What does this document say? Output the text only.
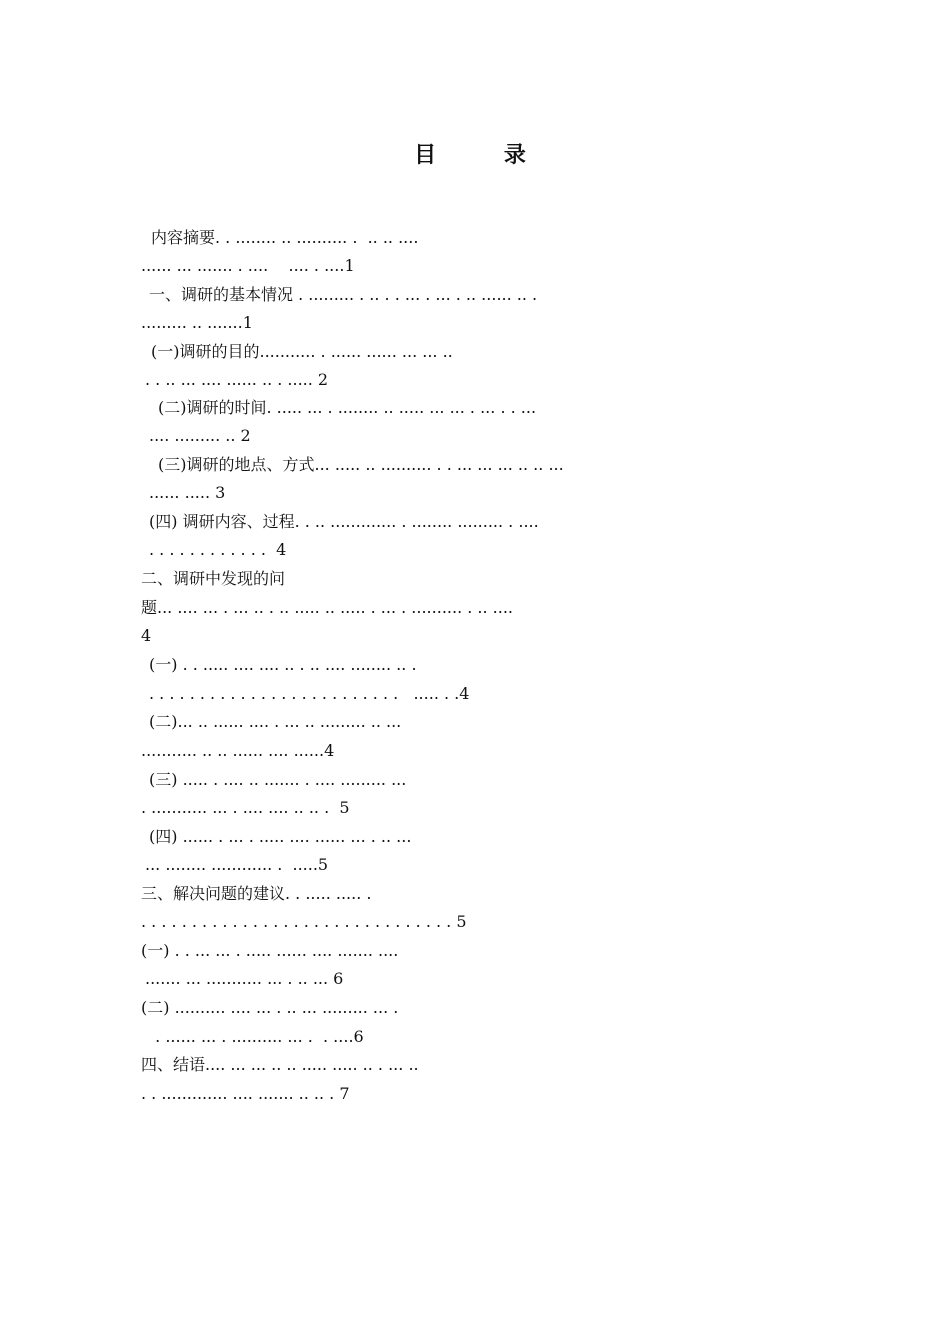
目 录
内容摘要. . ........ .. .......... .  .. .. ....
...... ... ....... . ....    .... . ....1
一、调研的基本情况 . ......... . .. . . ... . ... . .. ...... .. .
......... .. .......1
(一)调研的目的........... . ...... ...... ... ... ..
. . .. ... .... ...... .. . ..... 2
(二)调研的时间. ..... ... . ........ .. ..... ... ... . ... . . ...
.... ......... .. 2
(三)调研的地点、方式... ..... .. .......... . . ... ... ... .. .. ...
...... ..... 3
(四) 调研内容、过程. . .. ............. . ........ ......... . ....
. . . . . . . . . . . .  4
二、调研中发现的问
题... .... ... . ... .. . .. ..... .. ..... . ... . .......... . .. ....
4
(一) . . ..... .... .... .. . .. .... ........ .. .
. . . . . . . . . . . . . . . . . . . . . . . . .   ..... . .4
(二)... .. ...... .... . ... .. ......... .. ...
........... .. .. ...... .... ......4
(三) ..... . .... .. ....... . .... ......... ...
. ........... ... . .... .... .. .. .  5
(四) ...... . ... . ..... .... ...... ... . .. ...
... ........ ............ .  .....5
三、解决问题的建议. . ..... ..... .
. . . . . . . . . . . . . . . . . . . . . . . . . . . . . . . 5
(一) . . ... ... . ..... ...... .... ....... ....
....... ... ........... ... . .. ... 6
(二) .......... .... ... . .. ... ......... ... .
. ...... ... . .......... ... .  . ....6
四、结语.... ... ... .. .. ..... ..... .. . ... ..
. . ............. .... ....... .. .. . 7
